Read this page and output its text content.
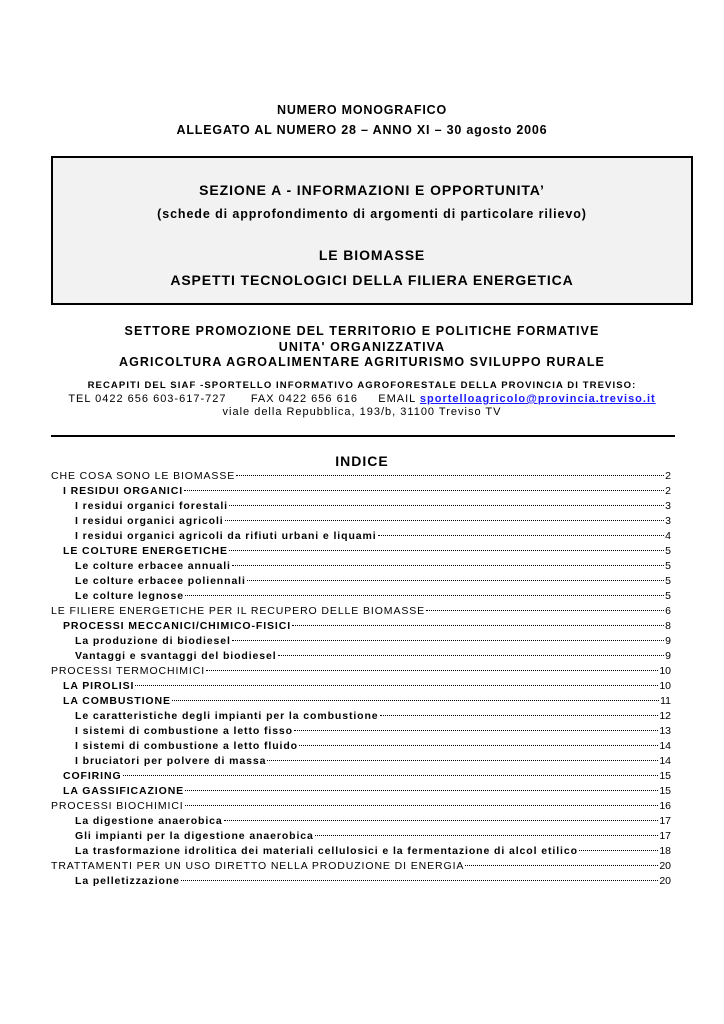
NUMERO MONOGRAFICO
ALLEGATO AL NUMERO 28 – ANNO XI – 30 agosto 2006
SEZIONE A - INFORMAZIONI E OPPORTUNITA’
(schede di approfondimento di argomenti di particolare rilievo)
LE BIOMASSE
ASPETTI TECNOLOGICI DELLA FILIERA ENERGETICA
SETTORE PROMOZIONE DEL TERRITORIO E POLITICHE FORMATIVE
UNITA' ORGANIZZATIVA
AGRICOLTURA AGROALIMENTARE AGRITURISMO SVILUPPO RURALE
RECAPITI DEL SIAF -SPORTELLO INFORMATIVO AGROFORESTALE DELLA PROVINCIA DI TREVISO:
TEL 0422 656 603-617-727 FAX 0422 656 616 EMAIL sportelloagricolo@provincia.treviso.it
viale della Repubblica, 193/b, 31100 Treviso TV
INDICE
CHE COSA SONO LE BIOMASSE	2
I RESIDUI ORGANICI	2
I residui organici forestali	3
I residui organici agricoli	3
I residui organici agricoli da rifiuti urbani e liquami	4
LE COLTURE ENERGETICHE	5
Le colture erbacee annuali	5
Le colture erbacee poliennali	5
Le colture legnose	5
LE FILIERE ENERGETICHE PER IL RECUPERO DELLE BIOMASSE	6
PROCESSI MECCANICI/CHIMICO-FISICI	8
La produzione di biodiesel	9
Vantaggi e svantaggi del biodiesel	9
PROCESSI TERMOCHIMICI	10
LA PIROLISI	10
LA COMBUSTIONE	11
Le caratteristiche degli impianti per la combustione	12
I sistemi di combustione a letto fisso	13
I sistemi di combustione a letto fluido	14
I bruciatori per polvere di massa	14
COFIRING	15
LA GASSIFICAZIONE	15
PROCESSI BIOCHIMICI	16
La digestione anaerobica	17
Gli impianti per la digestione anaerobica	17
La trasformazione idrolitica dei materiali cellulosici e la fermentazione di alcol etilico	18
TRATTAMENTI PER UN USO DIRETTO NELLA PRODUZIONE DI ENERGIA	20
La pelletizzazione	20
